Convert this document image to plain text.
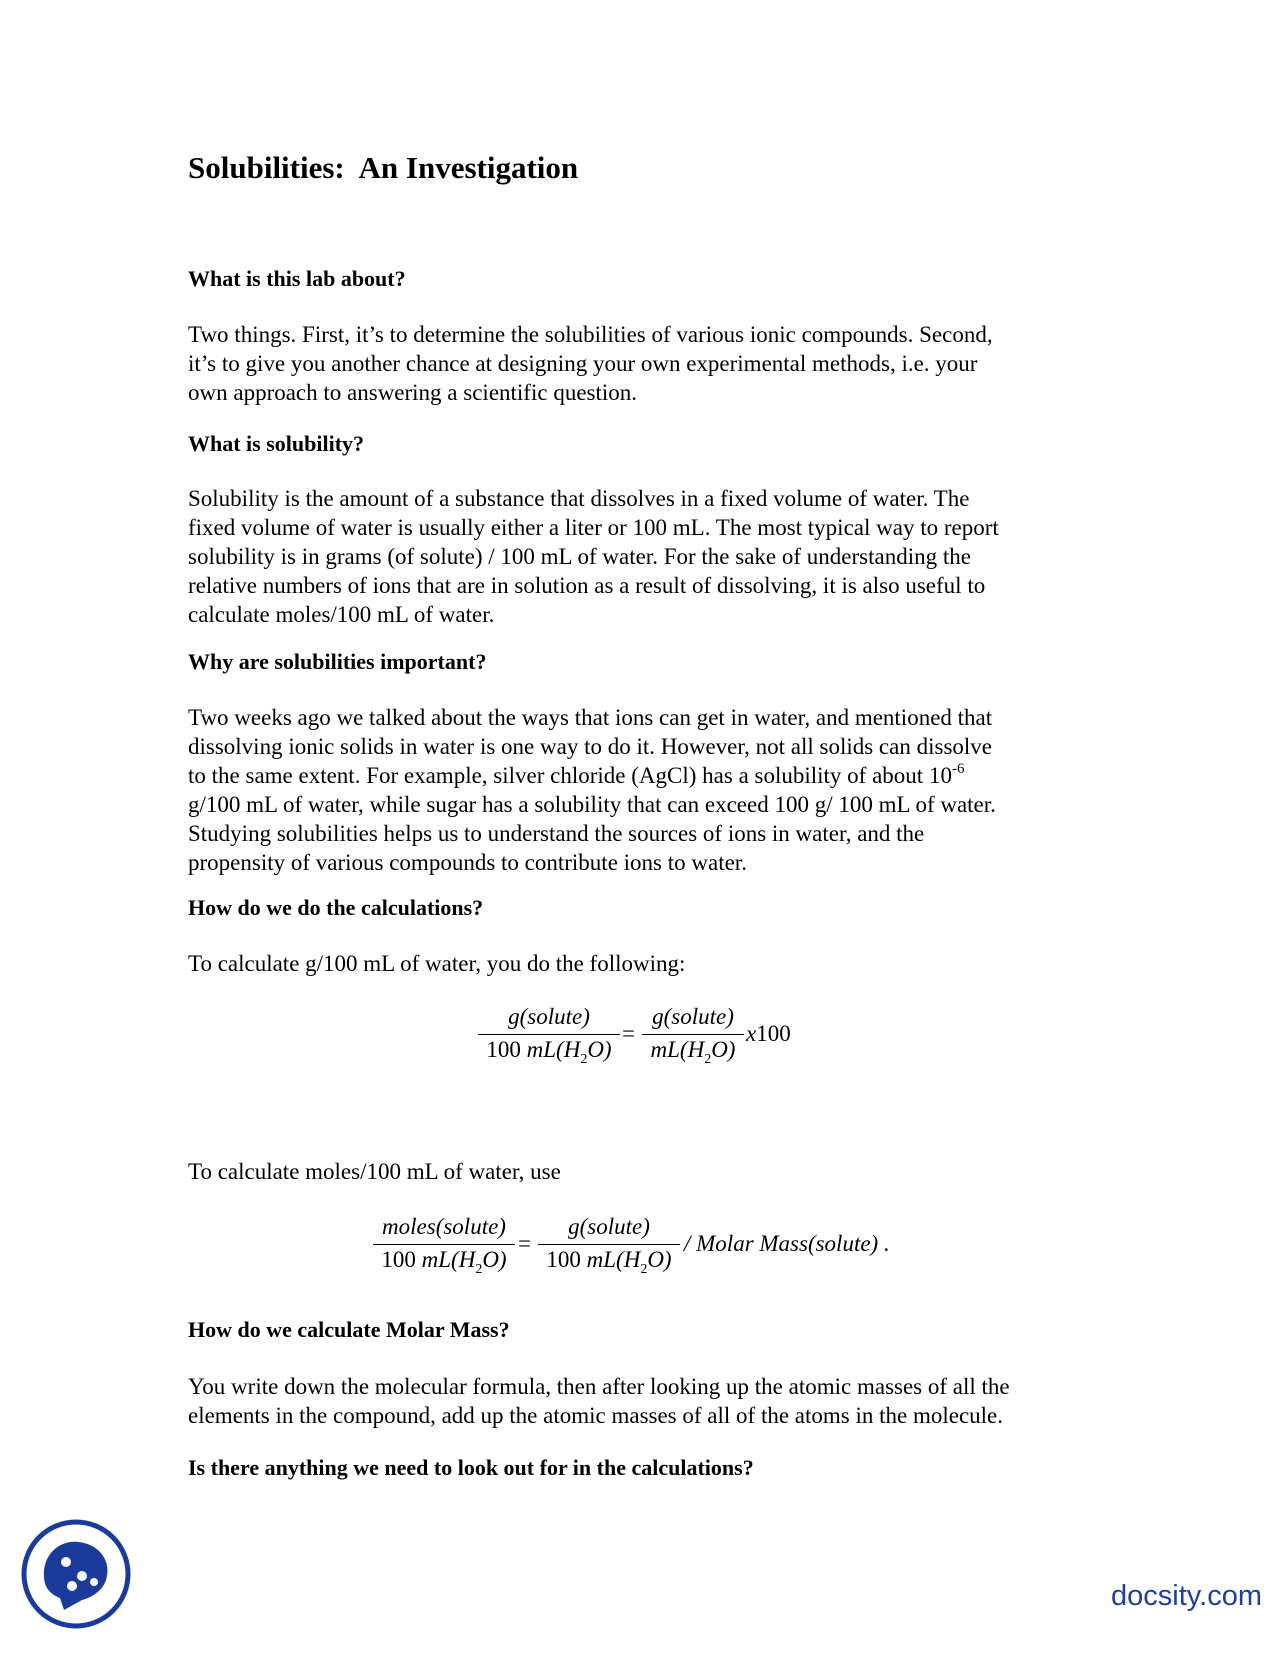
Solubilities:  An Investigation
What is this lab about?

Two things. First, it’s to determine the solubilities of various ionic compounds. Second,
it’s to give you another chance at designing your own experimental methods, i.e. your
own approach to answering a scientific question.

What is solubility?

Solubility is the amount of a substance that dissolves in a fixed volume of water. The
fixed volume of water is usually either a liter or 100 mL. The most typical way to report
solubility is in grams (of solute) / 100 mL of water. For the sake of understanding the
relative numbers of ions that are in solution as a result of dissolving, it is also useful to
calculate moles/100 mL of water.

Why are solubilities important?

Two weeks ago we talked about the ways that ions can get in water, and mentioned that
dissolving ionic solids in water is one way to do it. However, not all solids can dissolve
to the same extent. For example, silver chloride (AgCl) has a solubility of about $10^{-6}$
g/100 mL of water, while sugar has a solubility that can exceed 100 g/ 100 mL of water.
Studying solubilities helps us to understand the sources of ions in water, and the
propensity of various compounds to contribute ions to water.

How do we do the calculations?

To calculate g/100 mL of water, you do the following:

g(solute)
100 $mL(H_2O)$
=
g(solute)
$mL(H_2O)$
x100

To calculate moles/100 mL of water, use

moles(solute)
100 $mL(H_2O)$
=
g(solute)
100 $mL(H_2O)$
/ Molar Mass(solute) .
How do we calculate Molar Mass?

You write down the molecular formula, then after looking up the atomic masses of all the
elements in the compound, add up the atomic masses of all of the atoms in the molecule.

Is there anything we need to look out for in the calculations?
docsity.com
